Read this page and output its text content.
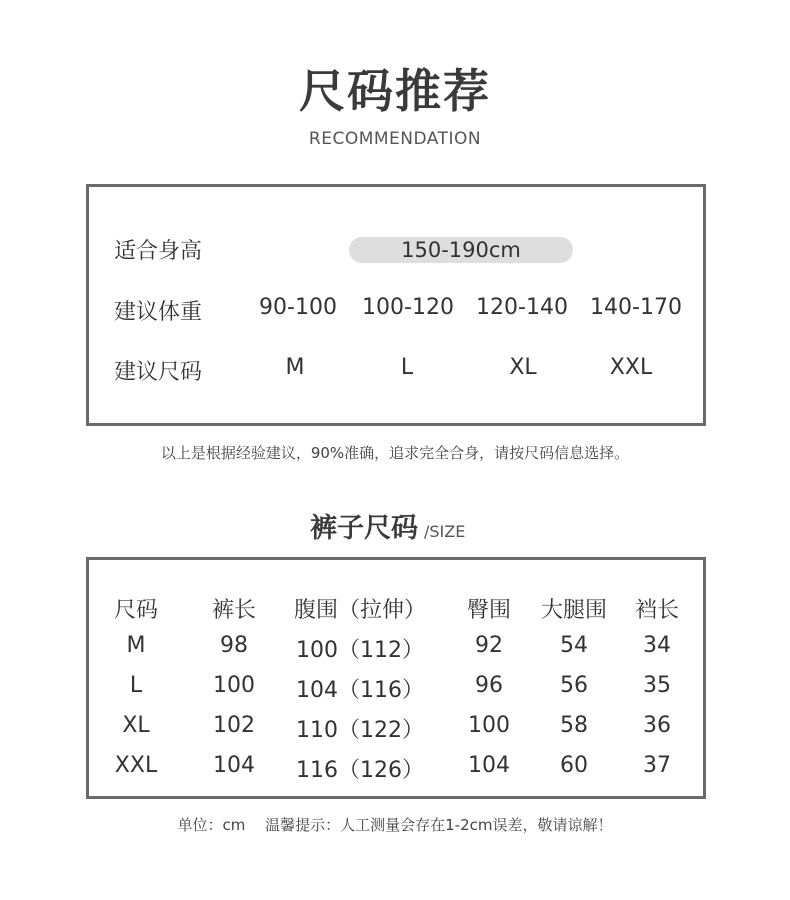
尺码推荐
RECOMMENDATION
适合身高	150-190cm
建议体重	90-100	100-120	120-140	140-170
建议尺码	M	L	XL	XXL
以上是根据经验建议，90%准确，追求完全合身，请按尺码信息选择。
裤子尺码 /SIZE
尺码	裤长	腹围（拉伸）	臀围	大腿围	裆长
M	98	100（112）	92	54	34
L	100	104（116）	96	56	35
XL	102	110（122）	100	58	36
XXL	104	116（126）	104	60	37
单位：cm　 温馨提示：人工测量会存在1-2cm误差，敬请谅解！
